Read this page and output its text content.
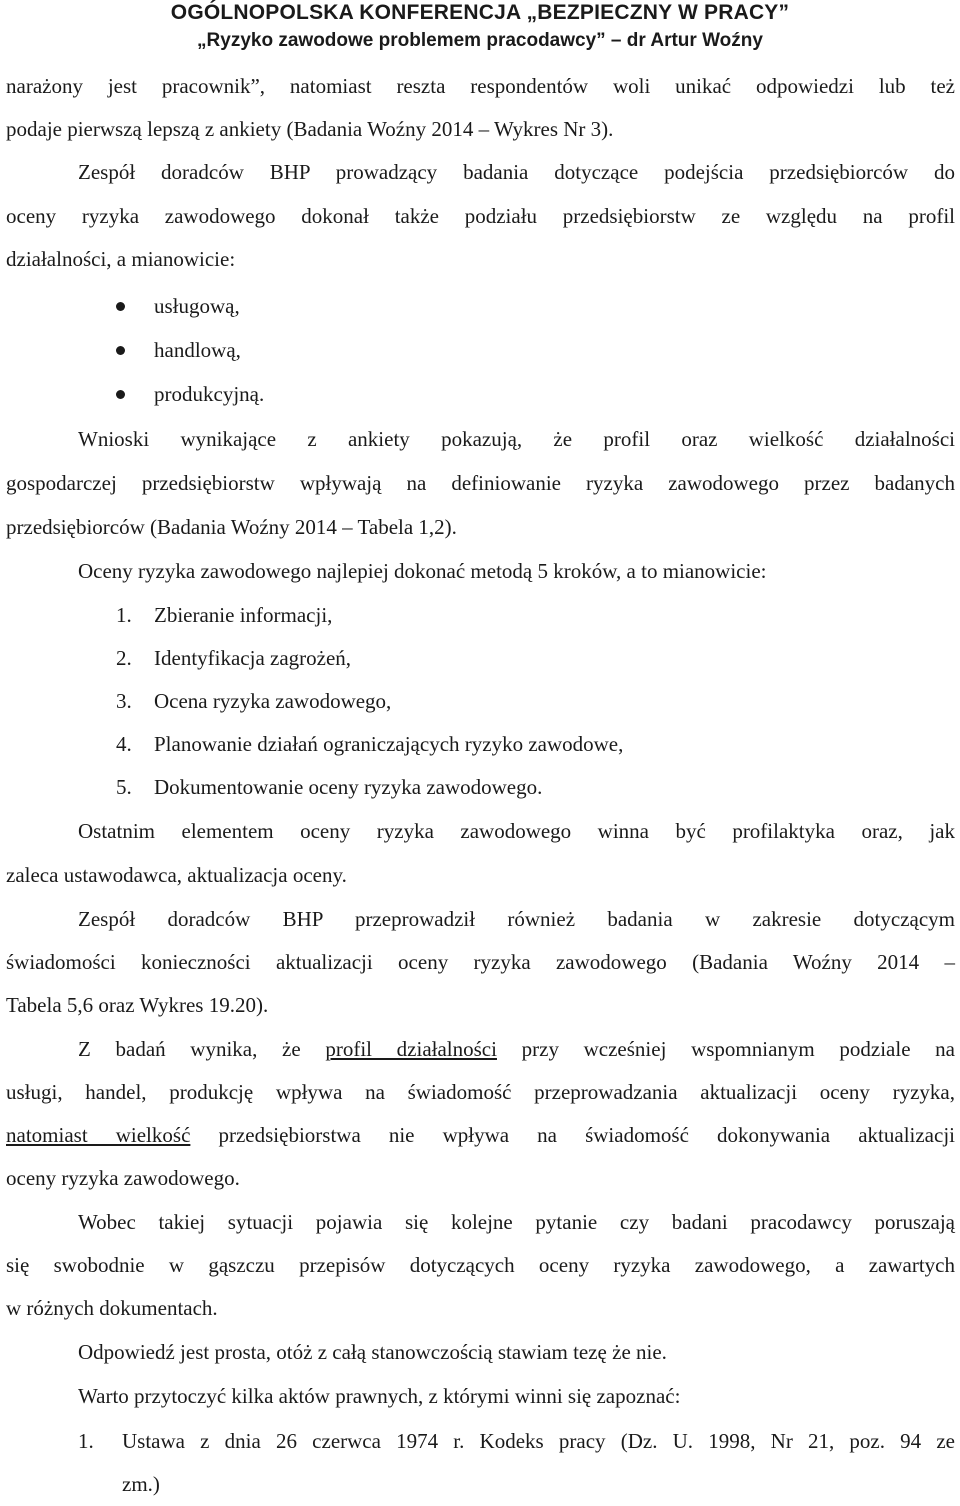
OGÓLNOPOLSKA KONFERENCJA „BEZPIECZNY W PRACY”
„Ryzyko zawodowe problemem pracodawcy” – dr Artur Woźny
narażony jest pracownik”, natomiast reszta respondentów woli unikać odpowiedzi lub też
podaje pierwszą lepszą z ankiety (Badania Woźny 2014 – Wykres Nr 3).
Zespół doradców BHP prowadzący badania dotyczące podejścia przedsiębiorców do
oceny ryzyka zawodowego dokonał także podziału przedsiębiorstw ze względu na profil
działalności, a mianowicie:
usługową,
handlową,
produkcyjną.
Wnioski wynikające z ankiety pokazują, że profil oraz wielkość działalności
gospodarczej przedsiębiorstw wpływają na definiowanie ryzyka zawodowego przez badanych
przedsiębiorców (Badania Woźny 2014 – Tabela 1,2).
Oceny ryzyka zawodowego najlepiej dokonać metodą 5 kroków, a to mianowicie:
1. Zbieranie informacji,
2. Identyfikacja zagrożeń,
3. Ocena ryzyka zawodowego,
4. Planowanie działań ograniczających ryzyko zawodowe,
5. Dokumentowanie oceny ryzyka zawodowego.
Ostatnim elementem oceny ryzyka zawodowego winna być profilaktyka oraz, jak
zaleca ustawodawca, aktualizacja oceny.
Zespół doradców BHP przeprowadził również badania w zakresie dotyczącym
świadomości konieczności aktualizacji oceny ryzyka zawodowego (Badania Woźny 2014 –
Tabela 5,6 oraz Wykres 19.20).
Z badań wynika, że profil działalności przy wcześniej wspomnianym podziale na
usługi, handel, produkcję wpływa na świadomość przeprowadzania aktualizacji oceny ryzyka,
natomiast wielkość przedsiębiorstwa nie wpływa na świadomość dokonywania aktualizacji
oceny ryzyka zawodowego.
Wobec takiej sytuacji pojawia się kolejne pytanie czy badani pracodawcy poruszają
się swobodnie w gąszczu przepisów dotyczących oceny ryzyka zawodowego, a zawartych
w różnych dokumentach.
Odpowiedź jest prosta, otóż z całą stanowczością stawiam tezę że nie.
Warto przytoczyć kilka aktów prawnych, z którymi winni się zapoznać:
1. Ustawa z dnia 26 czerwca 1974 r. Kodeks pracy (Dz. U. 1998, Nr 21, poz. 94 ze
zm.)
